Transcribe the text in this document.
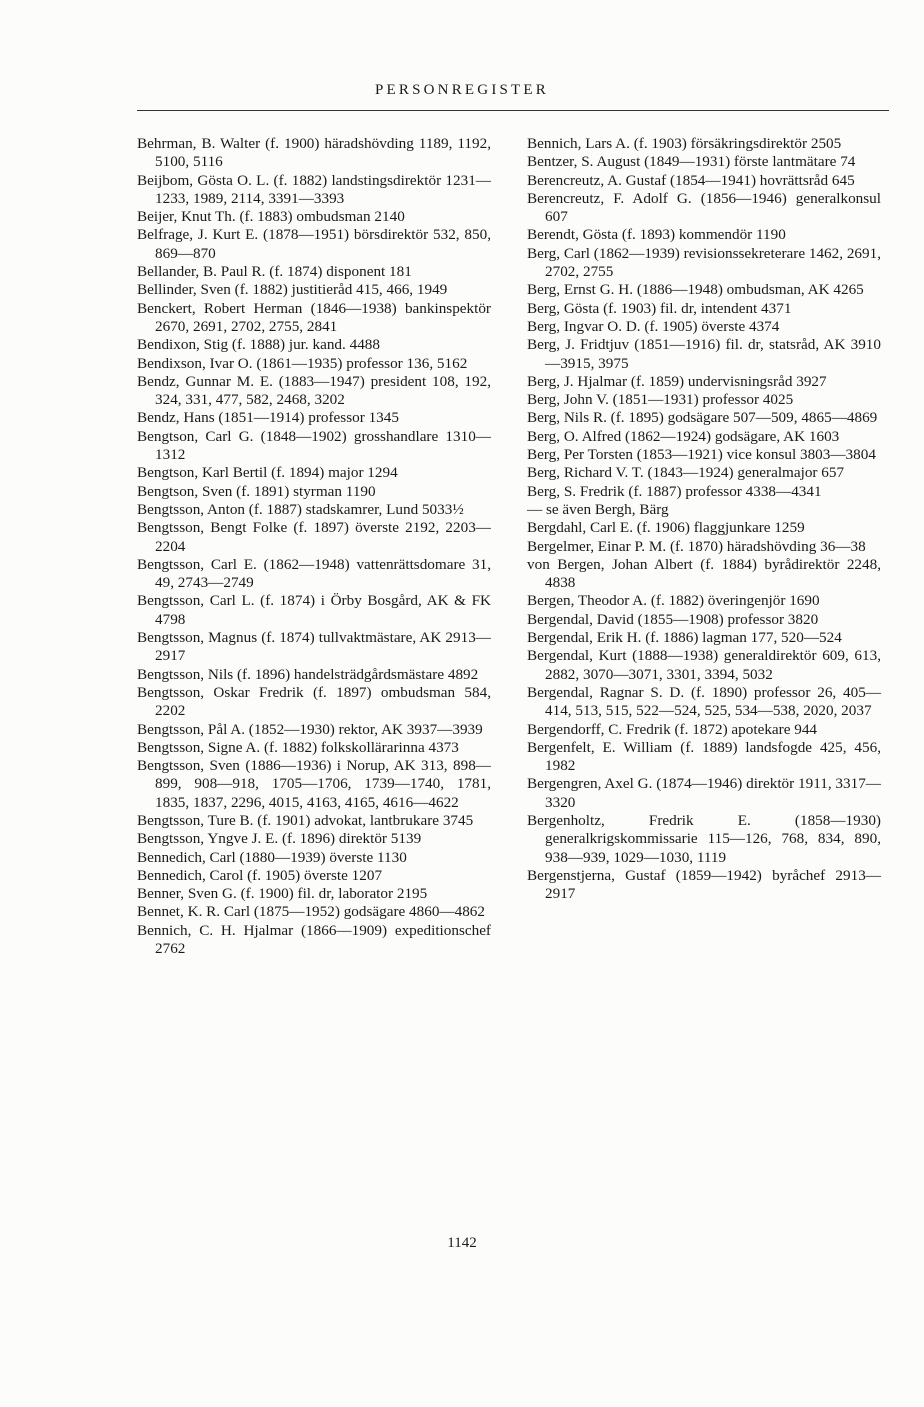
PERSONREGISTER
Behrman, B. Walter (f. 1900) häradshövding 1189, 1192, 5100, 5116
Beijbom, Gösta O. L. (f. 1882) landstingsdirektör 1231—1233, 1989, 2114, 3391—3393
Beijer, Knut Th. (f. 1883) ombudsman 2140
Belfrage, J. Kurt E. (1878—1951) börsdirektör 532, 850, 869—870
Bellander, B. Paul R. (f. 1874) disponent 181
Bellinder, Sven (f. 1882) justitieråd 415, 466, 1949
Benckert, Robert Herman (1846—1938) bankinspektör 2670, 2691, 2702, 2755, 2841
Bendixon, Stig (f. 1888) jur. kand. 4488
Bendixson, Ivar O. (1861—1935) professor 136, 5162
Bendz, Gunnar M. E. (1883—1947) president 108, 192, 324, 331, 477, 582, 2468, 3202
Bendz, Hans (1851—1914) professor 1345
Bengtson, Carl G. (1848—1902) grosshandlare 1310—1312
Bengtson, Karl Bertil (f. 1894) major 1294
Bengtson, Sven (f. 1891) styrman 1190
Bengtsson, Anton (f. 1887) stadskamrer, Lund 5033½
Bengtsson, Bengt Folke (f. 1897) överste 2192, 2203—2204
Bengtsson, Carl E. (1862—1948) vattenrättsdomare 31, 49, 2743—2749
Bengtsson, Carl L. (f. 1874) i Örby Bosgård, AK & FK 4798
Bengtsson, Magnus (f. 1874) tullvaktmästare, AK 2913—2917
Bengtsson, Nils (f. 1896) handelsträdgårdsmästare 4892
Bengtsson, Oskar Fredrik (f. 1897) ombudsman 584, 2202
Bengtsson, Pål A. (1852—1930) rektor, AK 3937—3939
Bengtsson, Signe A. (f. 1882) folkskollärarinna 4373
Bengtsson, Sven (1886—1936) i Norup, AK 313, 898—899, 908—918, 1705—1706, 1739—1740, 1781, 1835, 1837, 2296, 4015, 4163, 4165, 4616—4622
Bengtsson, Ture B. (f. 1901) advokat, lantbrukare 3745
Bengtsson, Yngve J. E. (f. 1896) direktör 5139
Bennedich, Carl (1880—1939) överste 1130
Bennedich, Carol (f. 1905) överste 1207
Benner, Sven G. (f. 1900) fil. dr, laborator 2195
Bennet, K. R. Carl (1875—1952) godsägare 4860—4862
Bennich, C. H. Hjalmar (1866—1909) expeditionschef 2762
Bennich, Lars A. (f. 1903) försäkringsdirektör 2505
Bentzer, S. August (1849—1931) förste lantmätare 74
Berencreutz, A. Gustaf (1854—1941) hovrättsråd 645
Berencreutz, F. Adolf G. (1856—1946) generalkonsul 607
Berendt, Gösta (f. 1893) kommendör 1190
Berg, Carl (1862—1939) revisionssekreterare 1462, 2691, 2702, 2755
Berg, Ernst G. H. (1886—1948) ombudsman, AK 4265
Berg, Gösta (f. 1903) fil. dr, intendent 4371
Berg, Ingvar O. D. (f. 1905) överste 4374
Berg, J. Fridtjuv (1851—1916) fil. dr, statsråd, AK 3910—3915, 3975
Berg, J. Hjalmar (f. 1859) undervisningsråd 3927
Berg, John V. (1851—1931) professor 4025
Berg, Nils R. (f. 1895) godsägare 507—509, 4865—4869
Berg, O. Alfred (1862—1924) godsägare, AK 1603
Berg, Per Torsten (1853—1921) vice konsul 3803—3804
Berg, Richard V. T. (1843—1924) generalmajor 657
Berg, S. Fredrik (f. 1887) professor 4338—4341
— se även Bergh, Bärg
Bergdahl, Carl E. (f. 1906) flaggjunkare 1259
Bergelmer, Einar P. M. (f. 1870) häradshövding 36—38
von Bergen, Johan Albert (f. 1884) byrådirektör 2248, 4838
Bergen, Theodor A. (f. 1882) överingenjör 1690
Bergendal, David (1855—1908) professor 3820
Bergendal, Erik H. (f. 1886) lagman 177, 520—524
Bergendal, Kurt (1888—1938) generaldirektör 609, 613, 2882, 3070—3071, 3301, 3394, 5032
Bergendal, Ragnar S. D. (f. 1890) professor 26, 405—414, 513, 515, 522—524, 525, 534—538, 2020, 2037
Bergendorff, C. Fredrik (f. 1872) apotekare 944
Bergenfelt, E. William (f. 1889) landsfogde 425, 456, 1982
Bergengren, Axel G. (1874—1946) direktör 1911, 3317—3320
Bergenholtz, Fredrik E. (1858—1930) generalkrigskommissarie 115—126, 768, 834, 890, 938—939, 1029—1030, 1119
Bergenstjerna, Gustaf (1859—1942) byråchef 2913—2917
1142
